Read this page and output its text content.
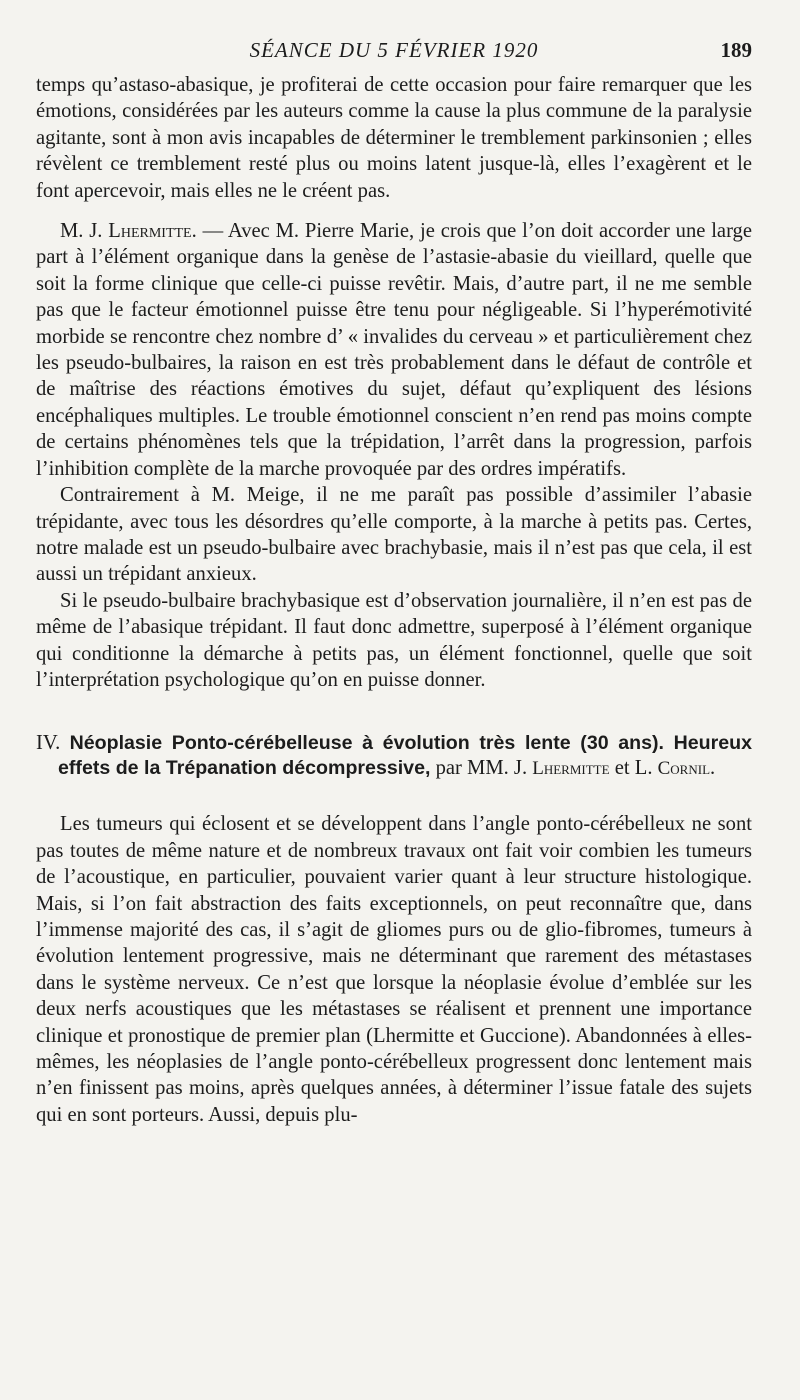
SÉANCE DU 5 FÉVRIER 1920	189

temps qu’astaso-abasique, je profiterai de cette occasion pour faire remarquer que les émotions, considérées par les auteurs comme la cause la plus commune de la paralysie agitante, sont à mon avis incapables de déterminer le tremblement parkinsonien ; elles révèlent ce tremblement resté plus ou moins latent jusque-là, elles l’exagèrent et le font apercevoir, mais elles ne le créent pas.

M. J. Lhermitte. — Avec M. Pierre Marie, je crois que l’on doit accorder une large part à l’élément organique dans la genèse de l’astasie-abasie du vieillard, quelle que soit la forme clinique que celle-ci puisse revêtir. Mais, d’autre part, il ne me semble pas que le facteur émotionnel puisse être tenu pour négligeable. Si l’hyperémotivité morbide se rencontre chez nombre d’ « invalides du cerveau » et particulièrement chez les pseudo-bulbaires, la raison en est très probablement dans le défaut de contrôle et de maîtrise des réactions émotives du sujet, défaut qu’expliquent des lésions encéphaliques multiples. Le trouble émotionnel conscient n’en rend pas moins compte de certains phénomènes tels que la trépidation, l’arrêt dans la progression, parfois l’inhibition complète de la marche provoquée par des ordres impératifs.

Contrairement à M. Meige, il ne me paraît pas possible d’assimiler l’abasie trépidante, avec tous les désordres qu’elle comporte, à la marche à petits pas. Certes, notre malade est un pseudo-bulbaire avec brachybasie, mais il n’est pas que cela, il est aussi un trépidant anxieux.

Si le pseudo-bulbaire brachybasique est d’observation journalière, il n’en est pas de même de l’abasique trépidant. Il faut donc admettre, superposé à l’élément organique qui conditionne la démarche à petits pas, un élément fonctionnel, quelle que soit l’interprétation psychologique qu’on en puisse donner.

IV. Néoplasie Ponto-cérébelleuse à évolution très lente (30 ans). Heureux effets de la Trépanation décompressive, par MM. J. Lhermitte et L. Cornil.

Les tumeurs qui éclosent et se développent dans l’angle ponto-cérébelleux ne sont pas toutes de même nature et de nombreux travaux ont fait voir combien les tumeurs de l’acoustique, en particulier, pouvaient varier quant à leur structure histologique. Mais, si l’on fait abstraction des faits exceptionnels, on peut reconnaître que, dans l’immense majorité des cas, il s’agit de gliomes purs ou de glio-fibromes, tumeurs à évolution lentement progressive, mais ne déterminant que rarement des métastases dans le système nerveux. Ce n’est que lorsque la néoplasie évolue d’emblée sur les deux nerfs acoustiques que les métastases se réalisent et prennent une importance clinique et pronostique de premier plan (Lhermitte et Guccione). Abandonnées à elles-mêmes, les néoplasies de l’angle ponto-cérébelleux progressent donc lentement mais n’en finissent pas moins, après quelques années, à déterminer l’issue fatale des sujets qui en sont porteurs. Aussi, depuis plu-
